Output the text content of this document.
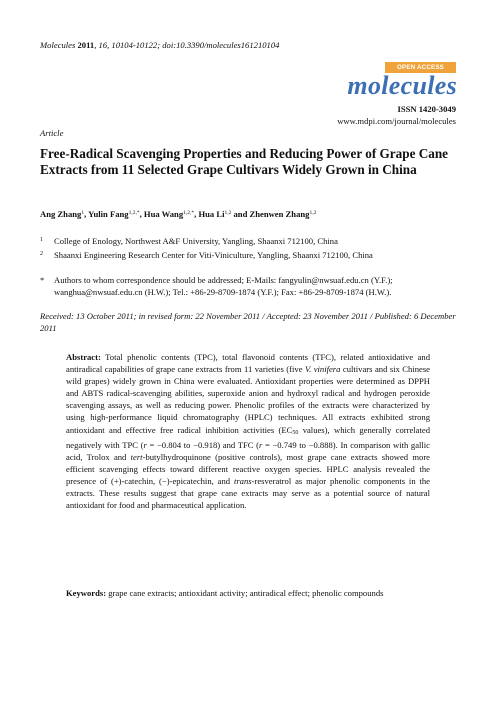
Molecules 2011, 16, 10104-10122; doi:10.3390/molecules161210104
OPEN ACCESS
molecules
ISSN 1420-3049
www.mdpi.com/journal/molecules
Article
Free-Radical Scavenging Properties and Reducing Power of Grape Cane Extracts from 11 Selected Grape Cultivars Widely Grown in China
Ang Zhang$^1$, Yulin Fang$^{1,2,*}$, Hua Wang$^{1,2,*}$, Hua Li$^{1,2}$ and Zhenwen Zhang$^{1,2}$
1 College of Enology, Northwest A&F University, Yangling, Shaanxi 712100, China
2 Shaanxi Engineering Research Center for Viti-Viniculture, Yangling, Shaanxi 712100, China
* Authors to whom correspondence should be addressed; E-Mails: fangyulin@nwsuaf.edu.cn (Y.F.); wanghua@nwsuaf.edu.cn (H.W.); Tel.: +86-29-8709-1874 (Y.F.); Fax: +86-29-8709-1874 (H.W.).
Received: 13 October 2011; in revised form: 22 November 2011 / Accepted: 23 November 2011 / Published: 6 December 2011
Abstract: Total phenolic contents (TPC), total flavonoid contents (TFC), related antioxidative and antiradical capabilities of grape cane extracts from 11 varieties (five V. vinifera cultivars and six Chinese wild grapes) widely grown in China were evaluated. Antioxidant properties were determined as DPPH and ABTS radical-scavenging abilities, superoxide anion and hydroxyl radical and hydrogen peroxide scavenging assays, as well as reducing power. Phenolic profiles of the extracts were characterized by using high-performance liquid chromatography (HPLC) techniques. All extracts exhibited strong antioxidant and effective free radical inhibition activities ($EC_{50}$ values), which generally correlated negatively with TPC (r = −0.804 to −0.918) and TFC (r = −0.749 to −0.888). In comparison with gallic acid, Trolox and tert-butylhydroquinone (positive controls), most grape cane extracts showed more efficient scavenging effects toward different reactive oxygen species. HPLC analysis revealed the presence of (+)-catechin, (−)-epicatechin, and trans-resveratrol as major phenolic components in the extracts. These results suggest that grape cane extracts may serve as a potential source of natural antioxidant for food and pharmaceutical application.
Keywords: grape cane extracts; antioxidant activity; antiradical effect; phenolic compounds
